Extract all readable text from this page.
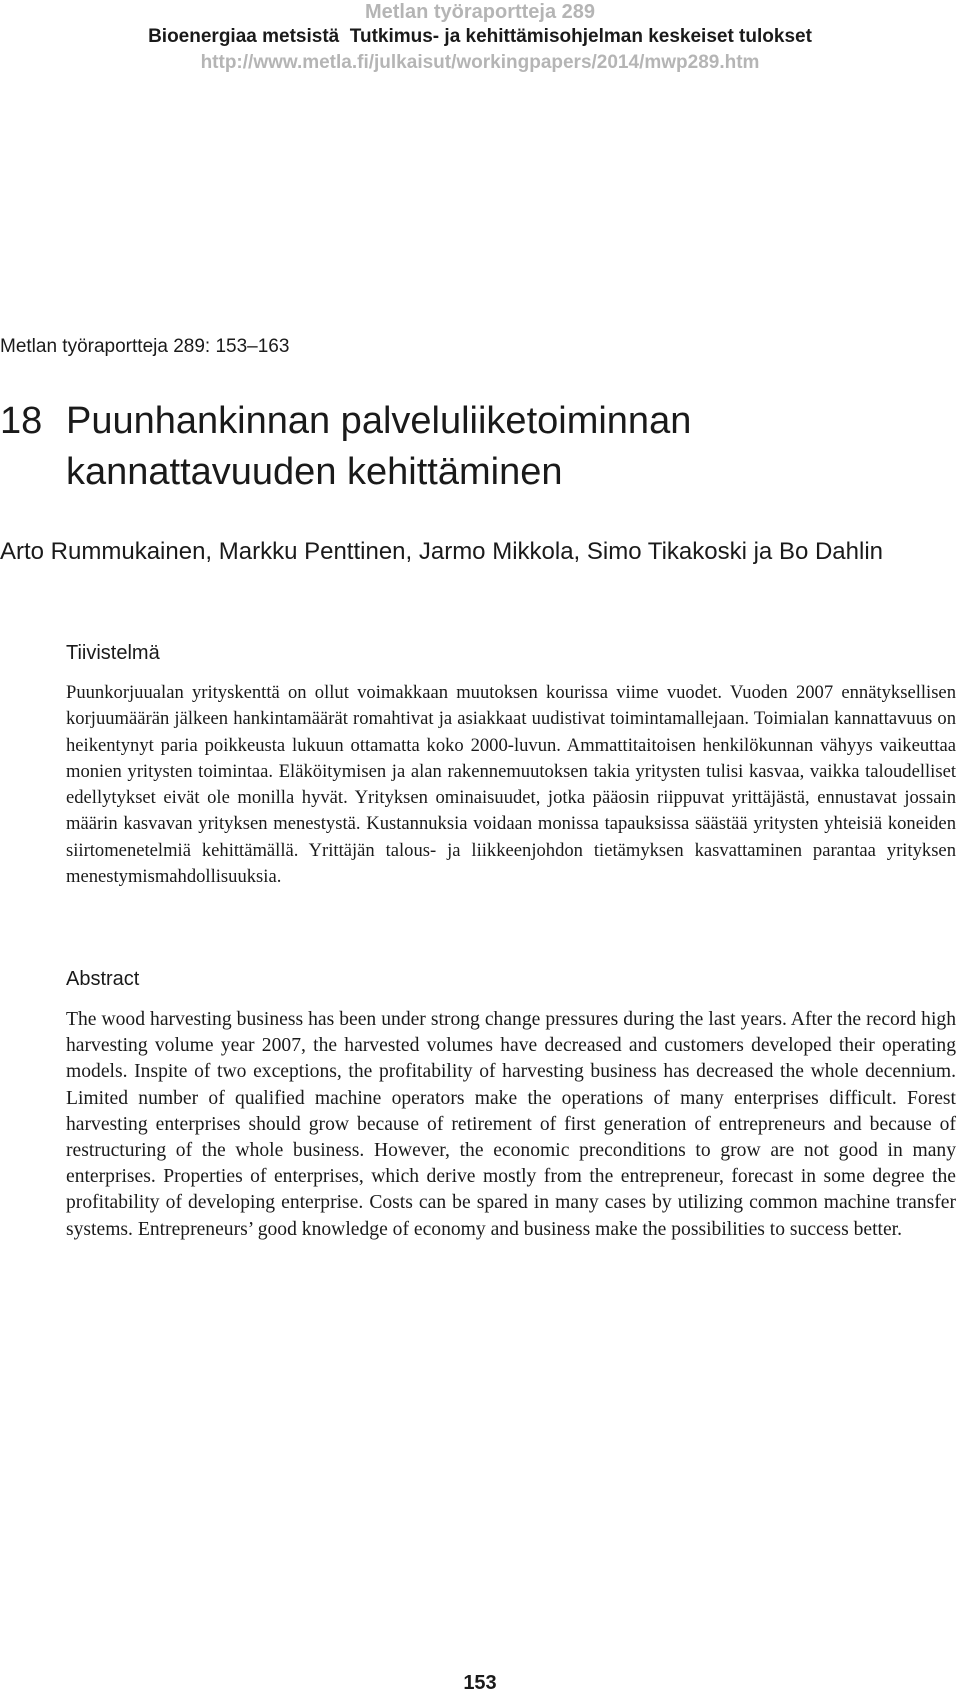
Metlan työraportteja 289
Bioenergiaa metsistä  Tutkimus- ja kehittämisohjelman keskeiset tulokset
http://www.metla.fi/julkaisut/workingpapers/2014/mwp289.htm
Metlan työraportteja 289: 153–163
18 Puunhankinnan palveluliiketoiminnan
kannattavuuden kehittäminen
Arto Rummukainen, Markku Penttinen, Jarmo Mikkola, Simo Tikakoski ja Bo Dahlin
Tiivistelmä
Puunkorjuualan yrityskenttä on ollut voimakkaan muutoksen kourissa viime vuodet. Vuoden 2007 ennätyksellisen korjuumäärän jälkeen hankintamäärät romahtivat ja asiakkaat uudistivat toimintamallejaan. Toimialan kannattavuus on heikentynyt paria poikkeusta lukuun ottamatta koko 2000-luvun. Ammattitaitoisen henkilökunnan vähyys vaikeuttaa monien yritysten toimintaa. Eläköitymisen ja alan rakennemuutoksen takia yritysten tulisi kasvaa, vaikka taloudelliset edellytykset eivät ole monilla hyvät. Yrityksen ominaisuudet, jotka pääosin riippuvat yrittäjästä, ennustavat jossain määrin kasvavan yrityksen menestystä. Kustannuksia voidaan monissa tapauksissa säästää yritysten yhteisiä koneiden siirtomenetelmiä kehittämällä. Yrittäjän talous- ja liikkeenjohdon tietämyksen kasvattaminen parantaa yrityksen menestymismahdollisuuksia.
Abstract
The wood harvesting business has been under strong change pressures during the last years. After the record high harvesting volume year 2007, the harvested volumes have decreased and customers developed their operating models. Inspite of two exceptions, the profitability of harvesting business has decreased the whole decennium. Limited number of qualified machine operators make the operations of many enterprises difficult. Forest harvesting enterprises should grow because of retirement of first generation of entrepreneurs and because of restructuring of the whole business. However, the economic preconditions to grow are not good in many enterprises. Properties of enterprises, which derive mostly from the entrepreneur, forecast in some degree the profitability of developing enterprise. Costs can be spared in many cases by utilizing common machine transfer systems. Entrepreneurs’ good knowledge of economy and business make the possibilities to success better.
153
